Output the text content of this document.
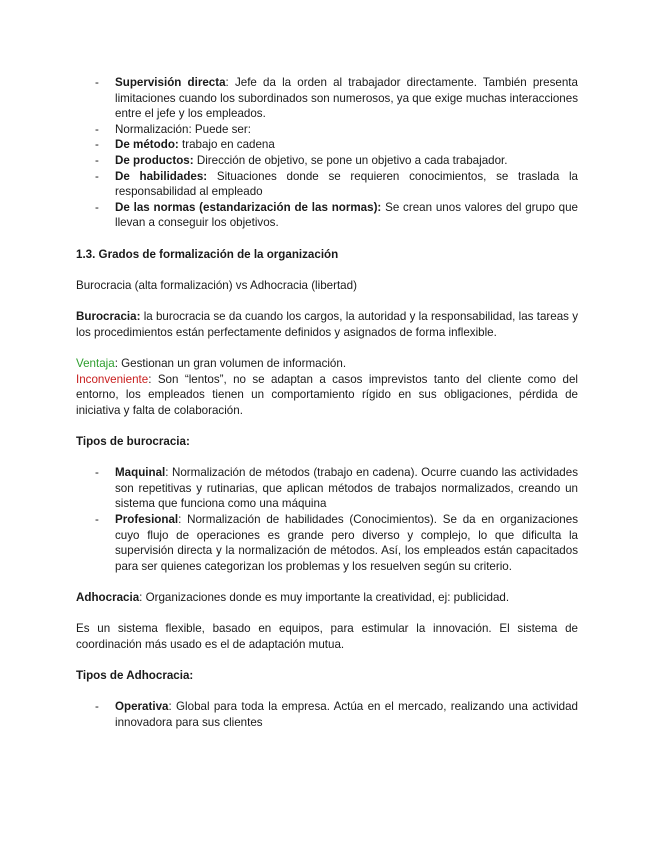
- Supervisión directa: Jefe da la orden al trabajador directamente. También presenta limitaciones cuando los subordinados son numerosos, ya que exige muchas interacciones entre el jefe y los empleados.
- Normalización: Puede ser:
- De método: trabajo en cadena
- De productos: Dirección de objetivo, se pone un objetivo a cada trabajador.
- De habilidades: Situaciones donde se requieren conocimientos, se traslada la responsabilidad al empleado
- De las normas (estandarización de las normas): Se crean unos valores del grupo que llevan a conseguir los objetivos.

1.3. Grados de formalización de la organización

Burocracia (alta formalización) vs Adhocracia (libertad)

Burocracia: la burocracia se da cuando los cargos, la autoridad y la responsabilidad, las tareas y los procedimientos están perfectamente definidos y asignados de forma inflexible.

Ventaja: Gestionan un gran volumen de información.

Inconveniente: Son “lentos”, no se adaptan a casos imprevistos tanto del cliente como del entorno, los empleados tienen un comportamiento rígido en sus obligaciones, pérdida de iniciativa y falta de colaboración.

Tipos de burocracia:

- Maquinal: Normalización de métodos (trabajo en cadena). Ocurre cuando las actividades son repetitivas y rutinarias, que aplican métodos de trabajos normalizados, creando un sistema que funciona como una máquina
- Profesional: Normalización de habilidades (Conocimientos). Se da en organizaciones cuyo flujo de operaciones es grande pero diverso y complejo, lo que dificulta la supervisión directa y la normalización de métodos. Así, los empleados están capacitados para ser quienes categorizan los problemas y los resuelven según su criterio.

Adhocracia: Organizaciones donde es muy importante la creatividad, ej: publicidad.

Es un sistema flexible, basado en equipos, para estimular la innovación. El sistema de coordinación más usado es el de adaptación mutua.

Tipos de Adhocracia:

- Operativa: Global para toda la empresa. Actúa en el mercado, realizando una actividad innovadora para sus clientes
